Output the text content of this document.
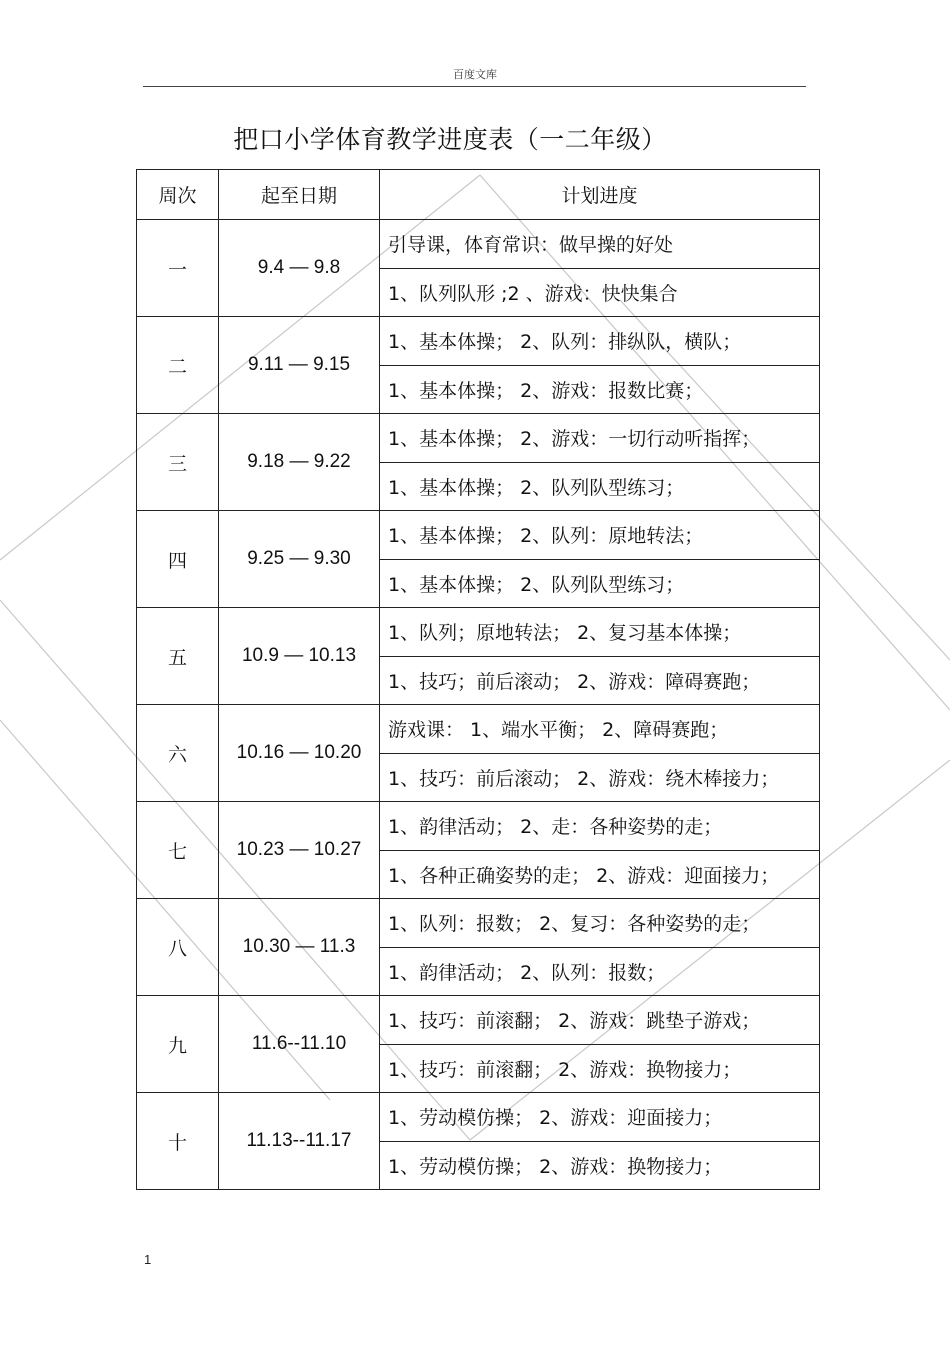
百度文库
把口小学体育教学进度表（一二年级）
周次	起至日期	计划进度
一	9.4 — 9.8	引导课，体育常识：做早操的好处
		1、队列队形 ;2 、游戏：快快集合
二	9.11 — 9.15	1、基本体操； 2、队列：排纵队，横队；
		1、基本体操； 2、游戏：报数比赛；
三	9.18 — 9.22	1、基本体操； 2、游戏：一切行动听指挥；
		1、基本体操； 2、队列队型练习；
四	9.25 — 9.30	1、基本体操； 2、队列：原地转法；
		1、基本体操； 2、队列队型练习；
五	10.9 — 10.13	1、队列；原地转法； 2、复习基本体操；
		1、技巧；前后滚动； 2、游戏：障碍赛跑；
六	10.16 — 10.20	游戏课： 1、端水平衡； 2、障碍赛跑；
		1、技巧：前后滚动； 2、游戏：绕木棒接力；
七	10.23 — 10.27	1、韵律活动； 2、走：各种姿势的走；
		1、各种正确姿势的走； 2、游戏：迎面接力；
八	10.30 — 11.3	1、队列：报数； 2、复习：各种姿势的走；
		1、韵律活动； 2、队列：报数；
九	11.6--11.10	1、技巧：前滚翻； 2、游戏：跳垫子游戏；
		1、技巧：前滚翻； 2、游戏：换物接力；
十	11.13--11.17	1、劳动模仿操； 2、游戏：迎面接力；
		1、劳动模仿操； 2、游戏：换物接力；
1
